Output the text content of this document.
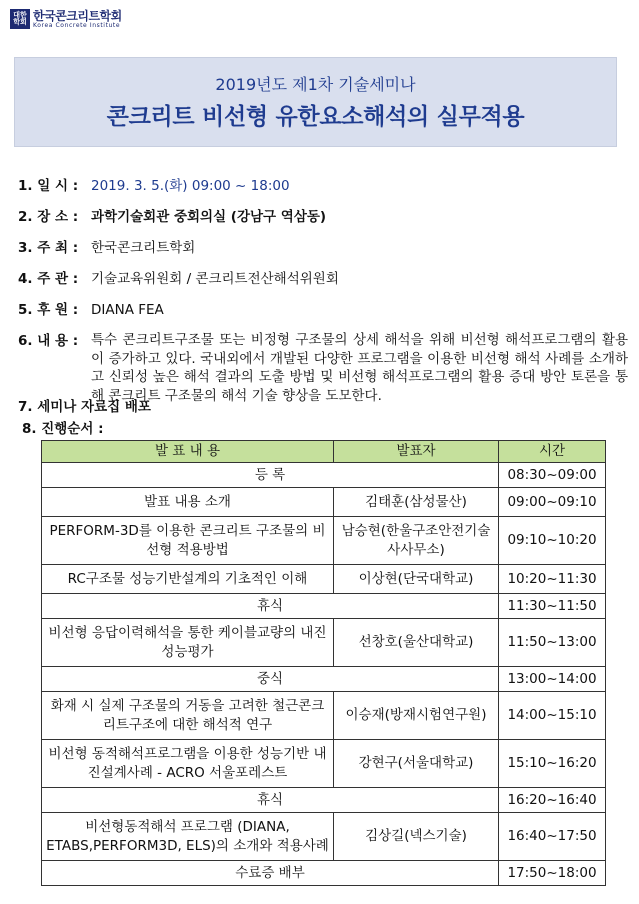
대한
학회 한국콘크리트학회
Korea Concrete Institute
2019년도 제1차 기술세미나
콘크리트 비선형 유한요소해석의 실무적용
1. 일 시 : 2019. 3. 5.(화) 09:00 ~ 18:00
2. 장 소 : 과학기술회관 중회의실 (강남구 역삼동)
3. 주 최 : 한국콘크리트학회
4. 주 관 : 기술교육위원회 / 콘크리트전산해석위원회
5. 후 원 : DIANA FEA
6. 내 용 : 특수 콘크리트구조물 또는 비정형 구조물의 상세 해석을 위해 비선형 해석프로그램의 활용이 증가하고 있다. 국내외에서 개발된 다양한 프로그램을 이용한 비선형 해석 사례를 소개하고 신뢰성 높은 해석 결과의 도출 방법 및 비선형 해석프로그램의 활용 증대 방안 토론을 통해 콘크리트 구조물의 해석 기술 향상을 도모한다.
7. 세미나 자료집 배포
8. 진행순서 :
발 표 내 용	발표자	시간
등 록		08:30~09:00
발표 내용 소개	김태훈(삼성물산)	09:00~09:10
PERFORM-3D를 이용한 콘크리트 구조물의 비선형 적용방법	남승현(한울구조안전기술사사무소)	09:10~10:20
RC구조물 성능기반설계의 기초적인 이해	이상현(단국대학교)	10:20~11:30
휴식		11:30~11:50
비선형 응답이력해석을 통한 케이블교량의 내진성능평가	선창호(울산대학교)	11:50~13:00
중식		13:00~14:00
화재 시 실제 구조물의 거동을 고려한 철근콘크리트구조에 대한 해석적 연구	이승재(방재시험연구원)	14:00~15:10
비선형 동적해석프로그램을 이용한 성능기반 내진설계사례 - ACRO 서울포레스트	강현구(서울대학교)	15:10~16:20
휴식		16:20~16:40
비선형동적해석 프로그램 (DIANA, ETABS,PERFORM3D, ELS)의 소개와 적용사례	김상길(넥스기술)	16:40~17:50
수료증 배부		17:50~18:00
